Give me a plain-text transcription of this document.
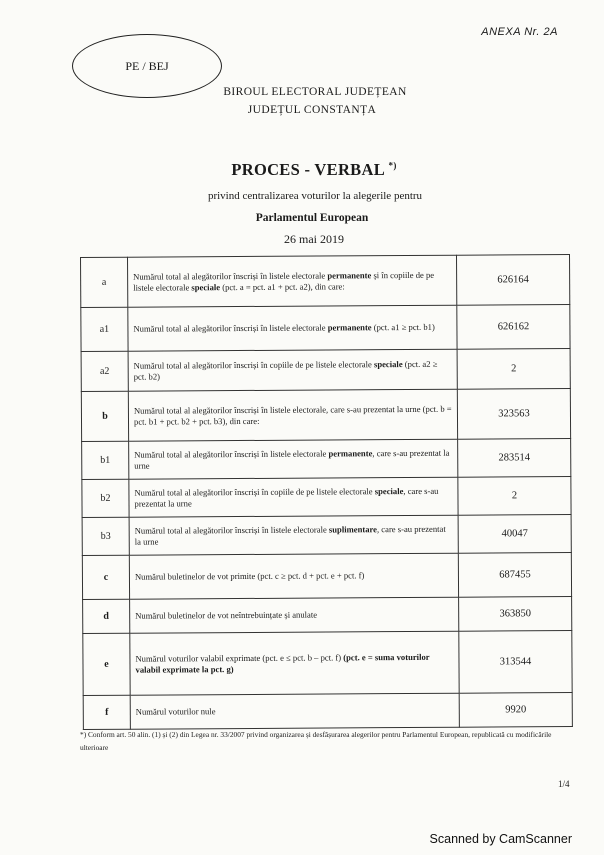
ANEXA Nr. 2A
PE / BEJ
BIROUL ELECTORAL JUDEȚEAN
JUDEȚUL CONSTANȚA
PROCES - VERBAL *)
privind centralizarea voturilor la alegerile pentru
Parlamentul European
26 mai 2019
a	Numărul total al alegătorilor înscriși în listele electorale permanente și în copiile de pe listele electorale speciale (pct. a = pct. a1 + pct. a2), din care:	626164
a1	Numărul total al alegătorilor înscriși în listele electorale permanente (pct. a1 ≥ pct. b1)	626162
a2	Numărul total al alegătorilor înscriși în copiile de pe listele electorale speciale (pct. a2 ≥ pct. b2)	2
b	Numărul total al alegătorilor înscriși în listele electorale, care s-au prezentat la urne (pct. b = pct. b1 + pct. b2 + pct. b3), din care:	323563
b1	Numărul total al alegătorilor înscriși în listele electorale permanente, care s-au prezentat la urne	283514
b2	Numărul total al alegătorilor înscriși în copiile de pe listele electorale speciale, care s-au prezentat la urne	2
b3	Numărul total al alegătorilor înscriși în listele electorale suplimentare, care s-au prezentat la urne	40047
c	Numărul buletinelor de vot primite (pct. c ≥ pct. d + pct. e + pct. f)	687455
d	Numărul buletinelor de vot neîntrebuințate și anulate	363850
e	Numărul voturilor valabil exprimate (pct. e ≤ pct. b – pct. f) (pct. e = suma voturilor valabil exprimate la pct. g)	313544
f	Numărul voturilor nule	9920
*) Conform art. 50 alin. (1) și (2) din Legea nr. 33/2007 privind organizarea și desfășurarea alegerilor pentru Parlamentul European, republicată cu modificările ulterioare
1/4
Scanned by CamScanner
